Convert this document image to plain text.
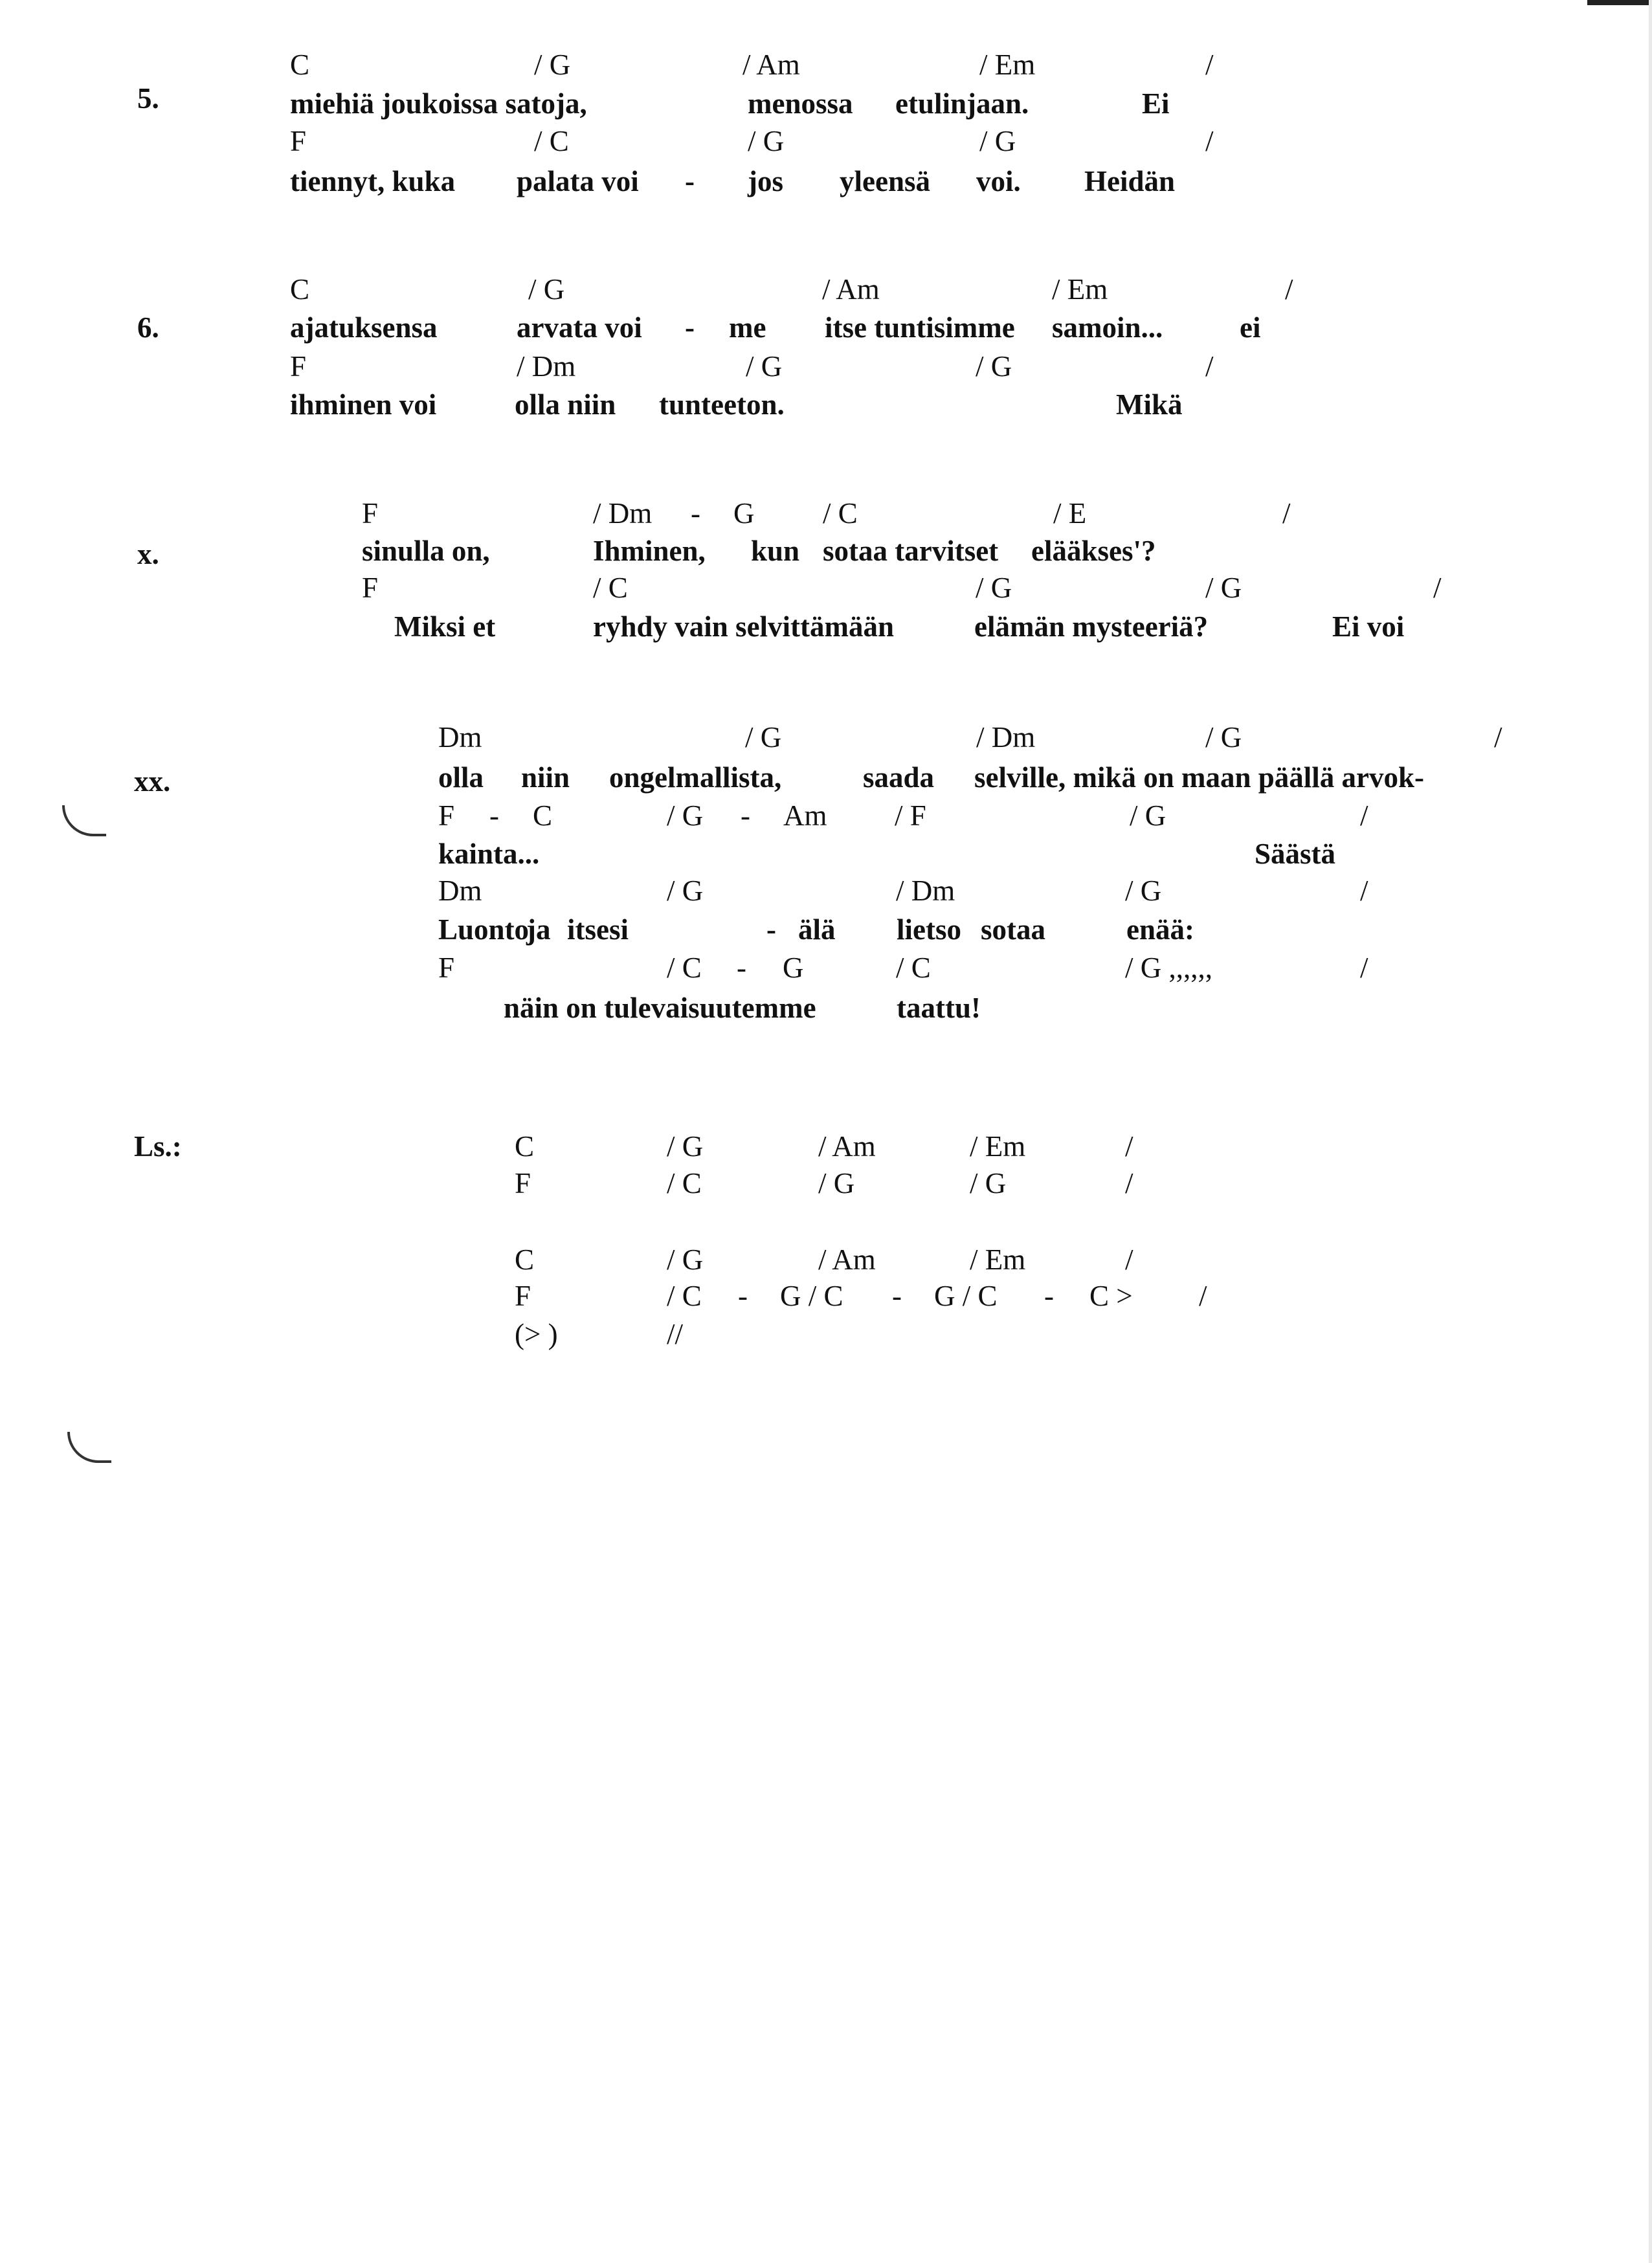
5.
C	/ G	/ Am	/ Em	/
miehiä joukoissa satoja,	menossa etulinjaan.	Ei
F	/ C	/ G	/ G	/
tiennyt, kuka palata voi - jos yleensä voi. Heidän
6.
C	/ G	/ Am	/ Em	/
ajatuksensa	arvata voi - me itse tuntisimme samoin...	ei
F	/ Dm	/ G	/ G	/
ihminen voi	olla niin tunteeton.	Mikä
x.
F	/ Dm - G / C	/ E	/
sinulla on,	Ihminen, kun sotaa tarvitset elääkses'?
F	/ C	/ G	/ G	/
Miksi et	ryhdy vain selvittämään	elämän mysteeriä?	Ei voi
xx.
Dm	/ G	/ Dm	/ G	/
olla niin ongelmallista,	saada selville, mikä on maan päällä arvok-
F - C	/ G - Am / F	/ G	/
kainta...	Säästä
Dm	/ G	/ Dm	/ G	/
Luonto
ja itsesi	- älä lietso sotaa	enää:
F	/ C - G	/ C	/ G ,,,,,,	/
näin on tulevaisuutemme	taattu!
Ls.:	C	/ G	/ Am	/ Em	/
F	/ C	/ G	/ G	/
C	/ G	/ Am	/ Em	/
F	/ C - G / C - G / C - C > /
(> )	//
